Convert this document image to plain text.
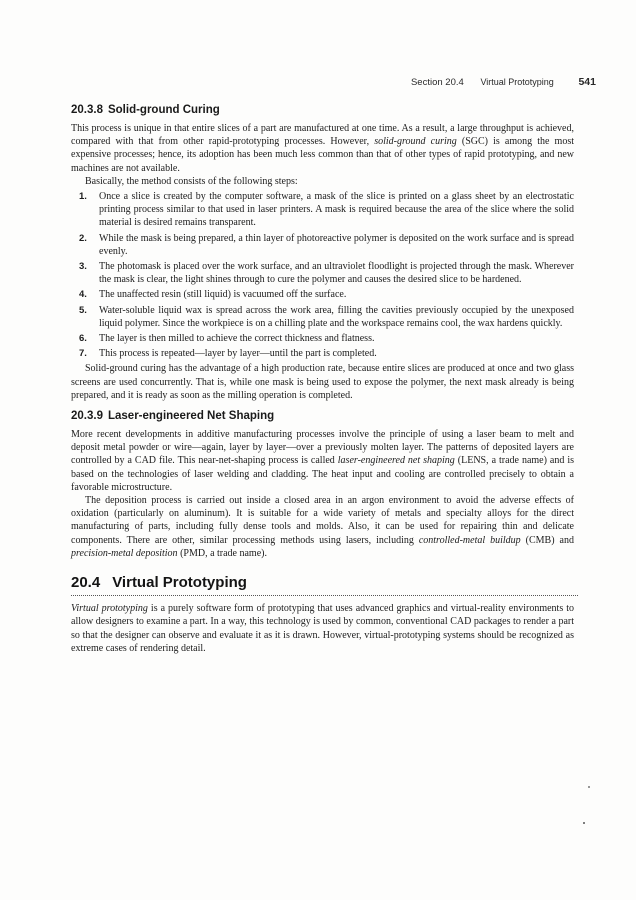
Section 20.4 Virtual Prototyping 541
20.3.8 Solid-ground Curing

This process is unique in that entire slices of a part are manufactured at one time. As a result, a large throughput is achieved, compared with that from other rapid-prototyping processes. However, solid-ground curing (SGC) is among the most expensive processes; hence, its adoption has been much less common than that of other types of rapid prototyping, and new machines are not available.

Basically, the method consists of the following steps:

1. Once a slice is created by the computer software, a mask of the slice is printed on a glass sheet by an electrostatic printing process similar to that used in laser printers. A mask is required because the area of the slice where the solid material is desired remains transparent.
2. While the mask is being prepared, a thin layer of photoreactive polymer is deposited on the work surface and is spread evenly.
3. The photomask is placed over the work surface, and an ultraviolet floodlight is projected through the mask. Wherever the mask is clear, the light shines through to cure the polymer and causes the desired slice to be hardened.
4. The unaffected resin (still liquid) is vacuumed off the surface.
5. Water-soluble liquid wax is spread across the work area, filling the cavities previously occupied by the unexposed liquid polymer. Since the workpiece is on a chilling plate and the workspace remains cool, the wax hardens quickly.
6. The layer is then milled to achieve the correct thickness and flatness.
7. This process is repeated—layer by layer—until the part is completed.

Solid-ground curing has the advantage of a high production rate, because entire slices are produced at once and two glass screens are used concurrently. That is, while one mask is being used to expose the polymer, the next mask already is being prepared, and it is ready as soon as the milling operation is completed.

20.3.9 Laser-engineered Net Shaping

More recent developments in additive manufacturing processes involve the principle of using a laser beam to melt and deposit metal powder or wire—again, layer by layer—over a previously molten layer. The patterns of deposited layers are controlled by a CAD file. This near-net-shaping process is called laser-engineered net shaping (LENS, a trade name) and is based on the technologies of laser welding and cladding. The heat input and cooling are controlled precisely to obtain a favorable microstructure.

The deposition process is carried out inside a closed area in an argon environment to avoid the adverse effects of oxidation (particularly on aluminum). It is suitable for a wide variety of metals and specialty alloys for the direct manufacturing of parts, including fully dense tools and molds. Also, it can be used for repairing thin and delicate components. There are other, similar processing methods using lasers, including controlled-metal buildup (CMB) and precision-metal deposition (PMD, a trade name).

20.4 Virtual Prototyping

Virtual prototyping is a purely software form of prototyping that uses advanced graphics and virtual-reality environments to allow designers to examine a part. In a way, this technology is used by common, conventional CAD packages to render a part so that the designer can observe and evaluate it as it is drawn. However, virtual-prototyping systems should be recognized as extreme cases of rendering detail.
